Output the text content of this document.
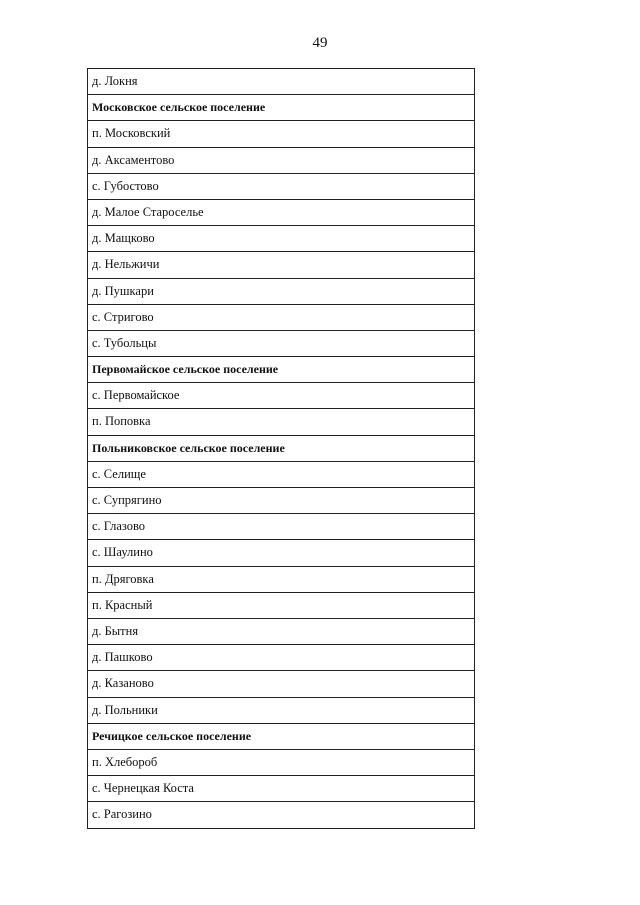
49
д. Локня
Московское сельское поселение
п. Московский
д. Аксаментово
с. Губостово
д. Малое Староселье
д. Мащково
д. Нельжичи
д. Пушкари
с. Стригово
с. Тубольцы
Первомайское сельское поселение
с. Первомайское
п. Поповка
Польниковское сельское поселение
с. Селище
с. Супрягино
с. Глазово
с. Шаулино
п. Дряговка
п. Красный
д. Бытня
д. Пашково
д. Казаново
д. Польники
Речицкое сельское поселение
п. Хлебороб
с. Чернецкая Коста
с. Рагозино
